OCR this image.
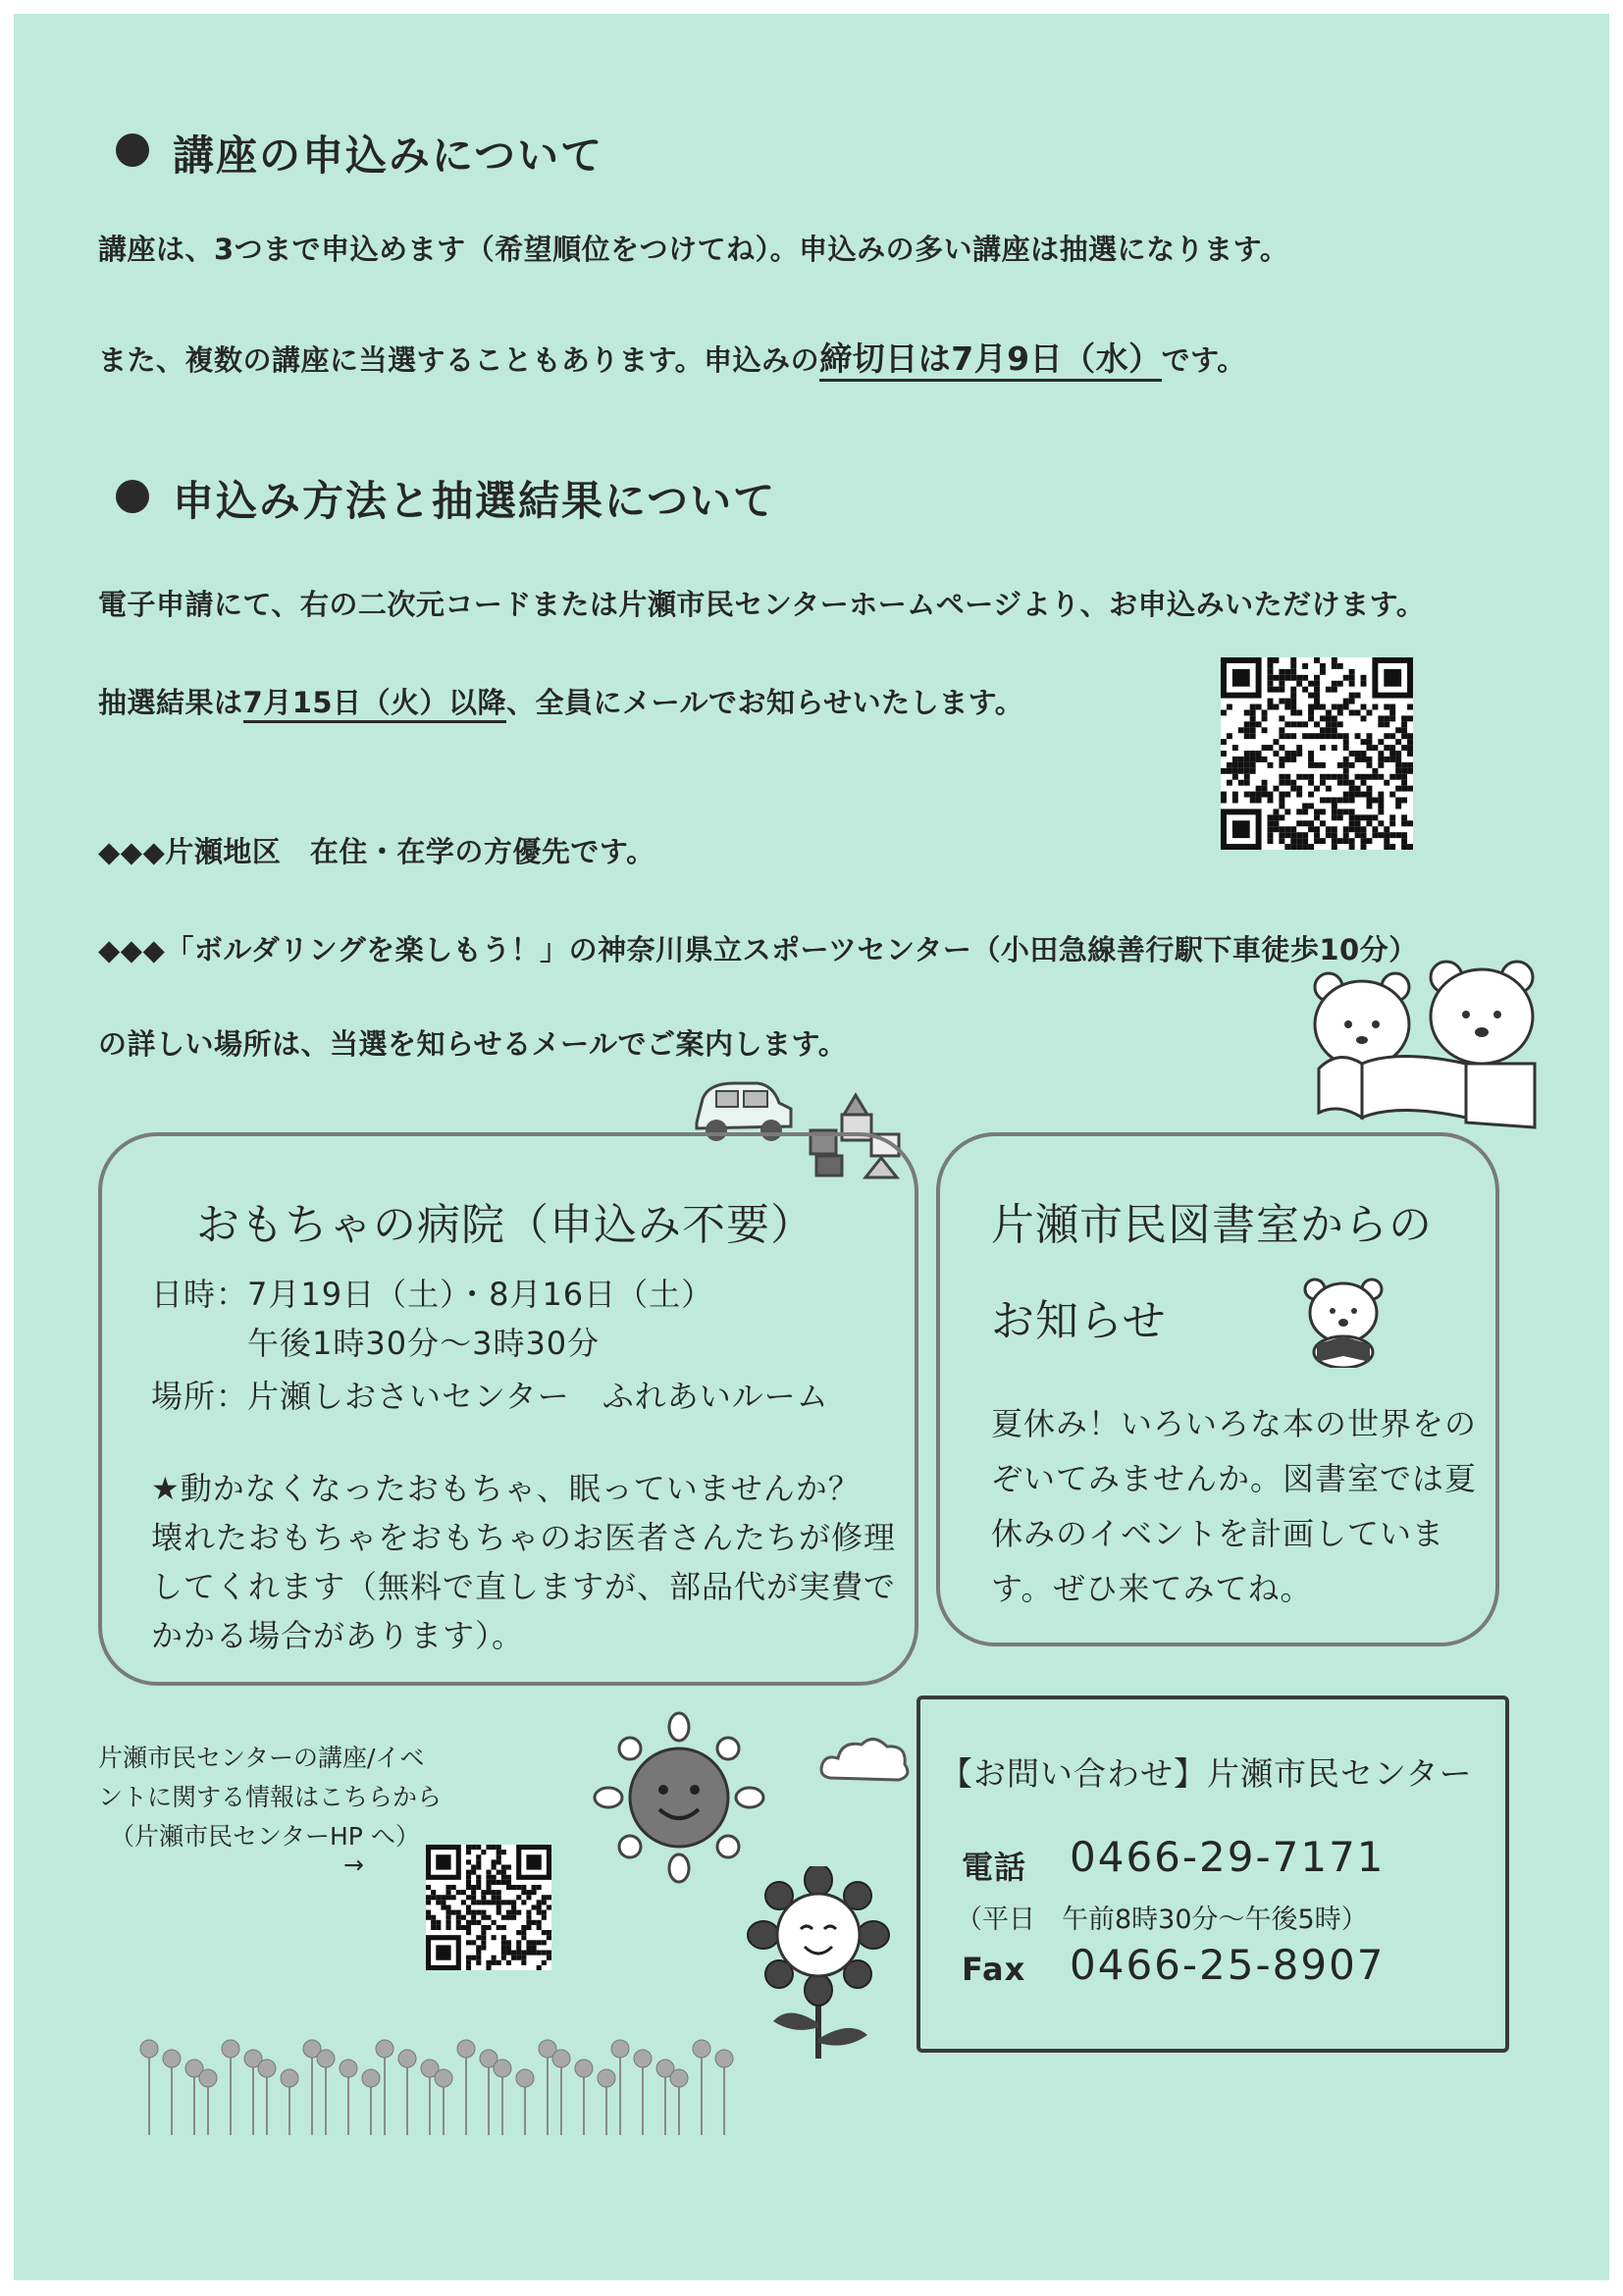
講座の申込みについて
講座は、3つまで申込めます（希望順位をつけてね）。申込みの多い講座は抽選になります。
また、複数の講座に当選することもあります。申込みの締切日は7月9日（水）です。
申込み方法と抽選結果について
電子申請にて、右の二次元コードまたは片瀬市民センターホームページより、お申込みいただけます。
抽選結果は7月15日（火）以降、全員にメールでお知らせいたします。
◆◆◆片瀬地区　在住・在学の方優先です。
◆◆◆「ボルダリングを楽しもう！」の神奈川県立スポーツセンター（小田急線善行駅下車徒歩10分）
の詳しい場所は、当選を知らせるメールでご案内します。
おもちゃの病院（申込み不要）
日時：
7月19日（土）・8月16日（土）
午後1時30分～3時30分
場所：
片瀬しおさいセンター　ふれあいルーム
★動かなくなったおもちゃ、眠っていませんか？
壊れたおもちゃをおもちゃのお医者さんたちが修理
してくれます（無料で直しますが、部品代が実費で
かかる場合があります）。
片瀬市民図書室からの
お知らせ
夏休み！いろいろな本の世界をの
ぞいてみませんか。図書室では夏
休みのイベントを計画していま
す。ぜひ来てみてね。
片瀬市民センターの講座/イベ
ントに関する情報はこちらから
（片瀬市民センターHP へ）
→
【お問い合わせ】片瀬市民センター
電話 0466-29-7171
（平日　午前8時30分～午後5時）
Fax 0466-25-8907
